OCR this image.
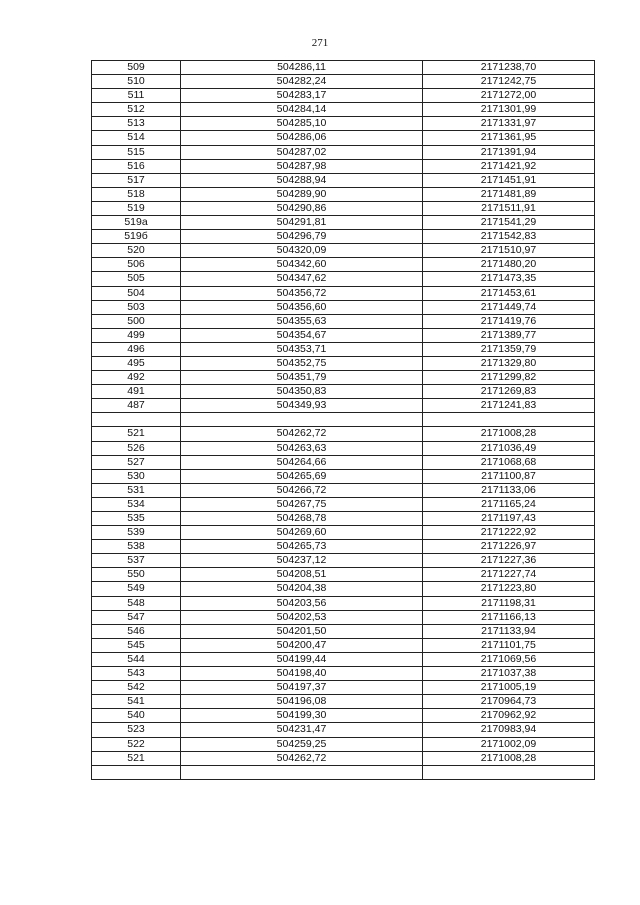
271
509	504286,11	2171238,70
510	504282,24	2171242,75
511	504283,17	2171272,00
512	504284,14	2171301,99
513	504285,10	2171331,97
514	504286,06	2171361,95
515	504287,02	2171391,94
516	504287,98	2171421,92
517	504288,94	2171451,91
518	504289,90	2171481,89
519	504290,86	2171511,91
519а	504291,81	2171541,29
519б	504296,79	2171542,83
520	504320,09	2171510,97
506	504342,60	2171480,20
505	504347,62	2171473,35
504	504356,72	2171453,61
503	504356,60	2171449,74
500	504355,63	2171419,76
499	504354,67	2171389,77
496	504353,71	2171359,79
495	504352,75	2171329,80
492	504351,79	2171299,82
491	504350,83	2171269,83
487	504349,93	2171241,83

521	504262,72	2171008,28
526	504263,63	2171036,49
527	504264,66	2171068,68
530	504265,69	2171100,87
531	504266,72	2171133,06
534	504267,75	2171165,24
535	504268,78	2171197,43
539	504269,60	2171222,92
538	504265,73	2171226,97
537	504237,12	2171227,36
550	504208,51	2171227,74
549	504204,38	2171223,80
548	504203,56	2171198,31
547	504202,53	2171166,13
546	504201,50	2171133,94
545	504200,47	2171101,75
544	504199,44	2171069,56
543	504198,40	2171037,38
542	504197,37	2171005,19
541	504196,08	2170964,73
540	504199,30	2170962,92
523	504231,47	2170983,94
522	504259,25	2171002,09
521	504262,72	2171008,28
